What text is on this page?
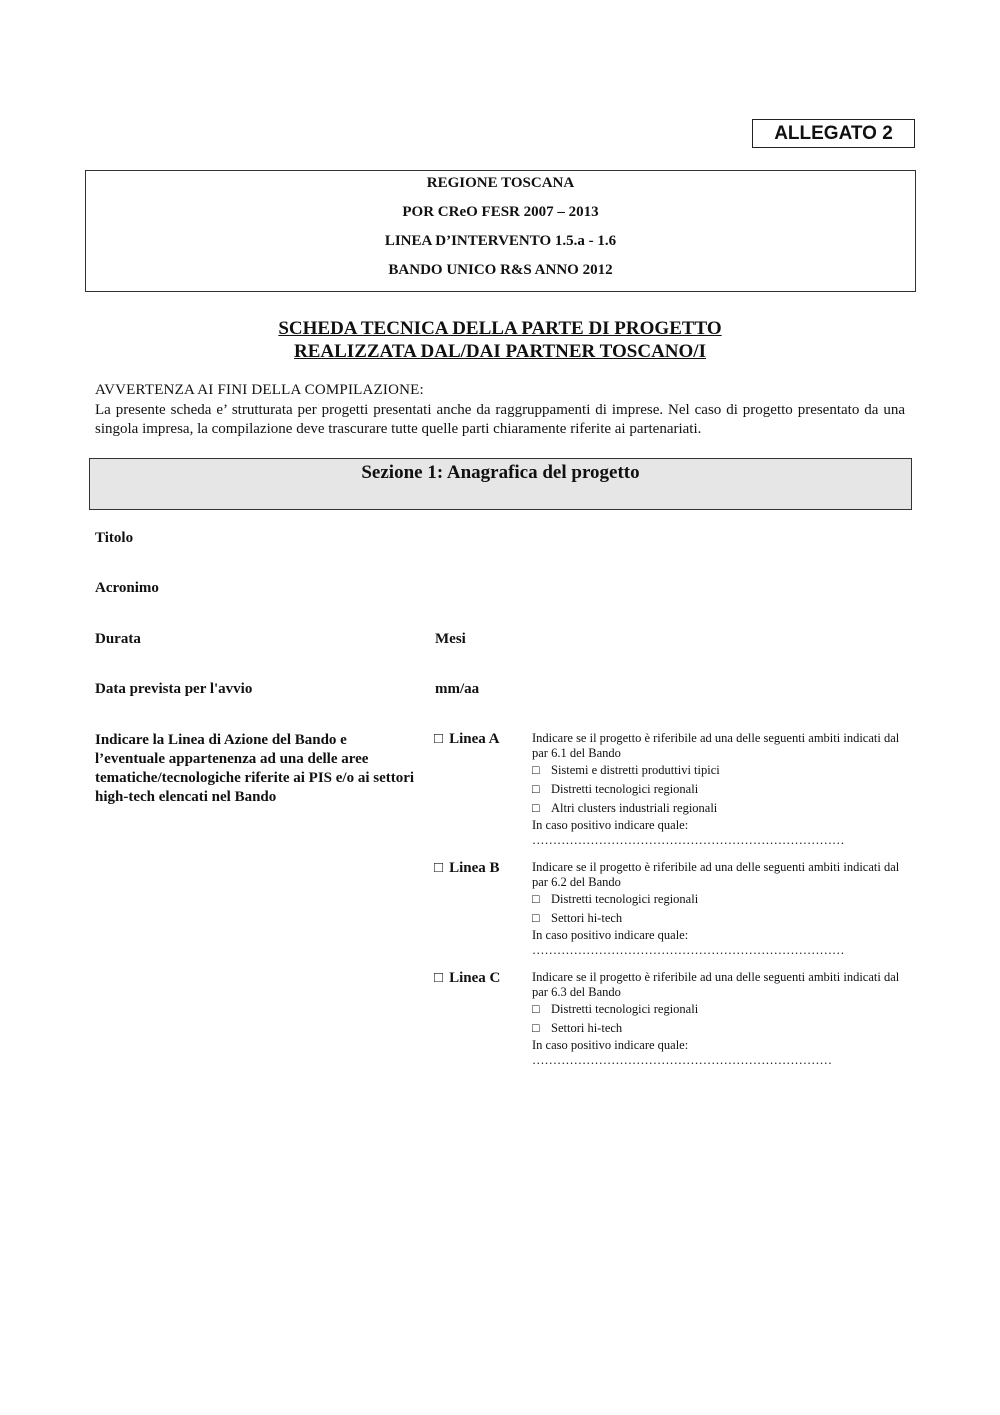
ALLEGATO 2
REGIONE TOSCANA
POR CReO FESR 2007 – 2013
LINEA D’INTERVENTO 1.5.a - 1.6
BANDO UNICO R&S ANNO 2012
SCHEDA TECNICA DELLA PARTE DI PROGETTO
REALIZZATA DAL/DAI PARTNER TOSCANO/I
AVVERTENZA AI FINI DELLA COMPILAZIONE:
La presente scheda e’ strutturata per progetti presentati anche da raggruppamenti di imprese. Nel caso di progetto presentato da una singola impresa, la compilazione deve trascurare tutte quelle parti chiaramente riferite ai partenariati.
Sezione 1: Anagrafica del progetto
Titolo
Acronimo
Durata	Mesi
Data prevista per l'avvio	mm/aa
Indicare la Linea di Azione del Bando e l’eventuale appartenenza ad una delle aree tematiche/tecnologiche riferite ai PIS e/o ai settori high-tech elencati nel Bando
□ Linea A	Indicare se il progetto è riferibile ad una delle seguenti ambiti indicati dal par 6.1 del Bando

□ Sistemi e distretti produttivi tipici

□ Distretti tecnologici regionali

□ Altri clusters industriali regionali

In caso positivo indicare quale:

…………………………………………………………………

□ Linea B	Indicare se il progetto è riferibile ad una delle seguenti ambiti indicati dal par 6.2 del Bando

□ Distretti tecnologici regionali

□ Settori hi-tech

In caso positivo indicare quale:

…………………………………………………………………

□ Linea C	Indicare se il progetto è riferibile ad una delle seguenti ambiti indicati dal par 6.3 del Bando

□ Distretti tecnologici regionali

□ Settori hi-tech

In caso positivo indicare quale:

………………………………………………………………
